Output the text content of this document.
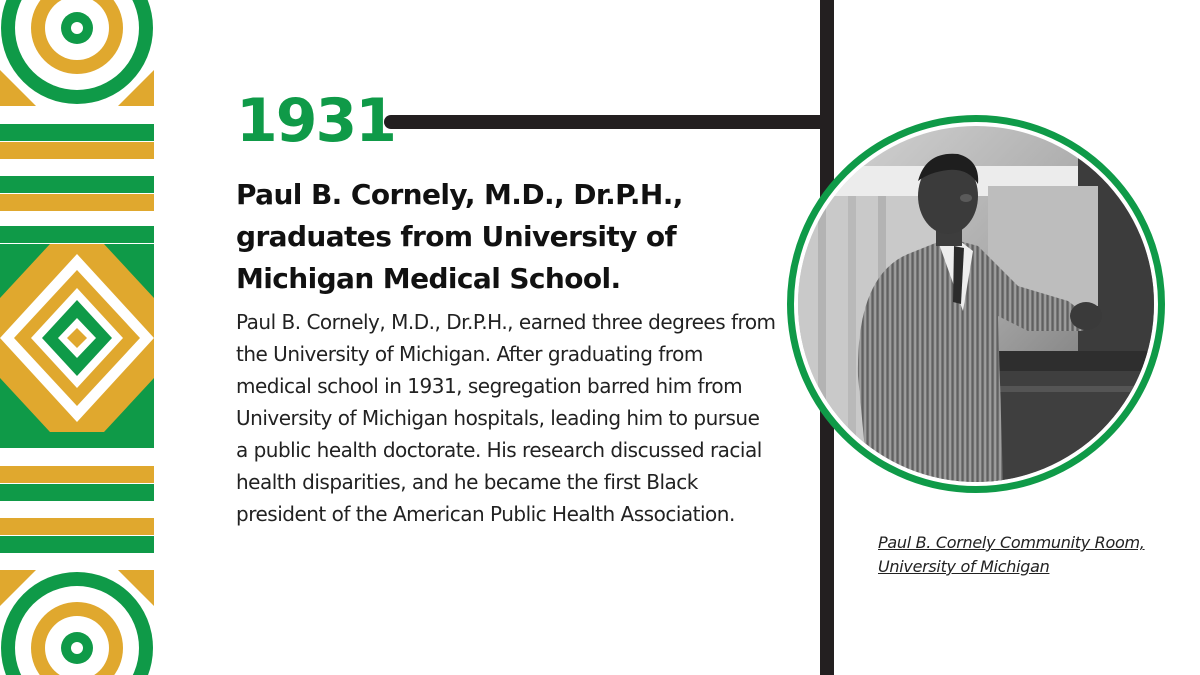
1931
Paul B. Cornely, M.D., Dr.P.H., graduates from University of Michigan Medical School.

Paul B. Cornely, M.D., Dr.P.H., earned three degrees from the University of Michigan. After graduating from medical school in 1931, segregation barred him from University of Michigan hospitals, leading him to pursue a public health doctorate. His research discussed racial health disparities, and he became the first Black president of the American Public Health Association.

Paul B. Cornely Community Room,
University of Michigan
